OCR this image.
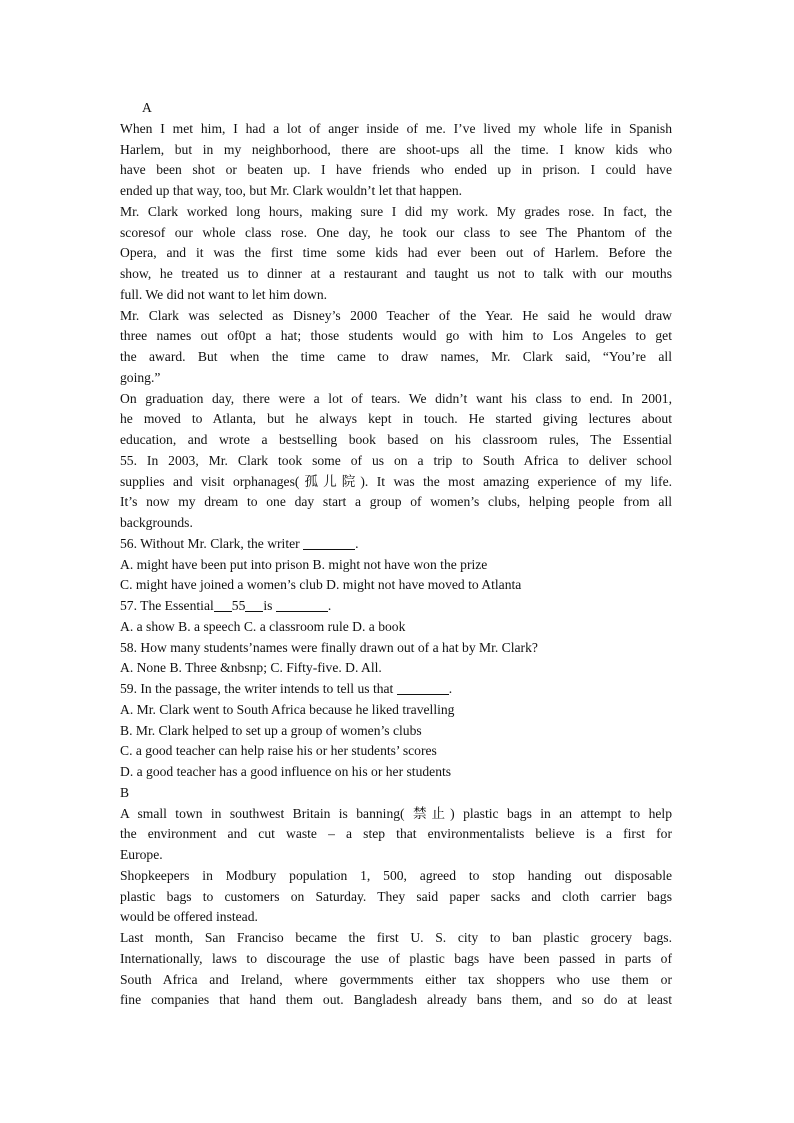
A
When I met him, I had a lot of anger inside of me. I’ve lived my whole life in Spanish
Harlem, but in my neighborhood, there are shoot-ups all the time. I know kids who
have been shot or beaten up. I have friends who ended up in prison. I could have
ended up that way, too, but Mr. Clark wouldn’t let that happen.
Mr. Clark worked long hours, making sure I did my work. My grades rose. In fact, the
scoresof our whole class rose. One day, he took our class to see The Phantom of the
Opera, and it was the first time some kids had ever been out of Harlem. Before the
show, he treated us to dinner at a restaurant and taught us not to talk with our mouths
full. We did not want to let him down.
Mr. Clark was selected as Disney’s 2000 Teacher of the Year. He said he would draw
three names out of0pt a hat; those students would go with him to Los Angeles to get
the award. But when the time came to draw names, Mr. Clark said, “You’re all
going.”
On graduation day, there were a lot of tears. We didn’t want his class to end. In 2001,
he moved to Atlanta, but he always kept in touch. He started giving lectures about
education, and wrote a bestselling book based on his classroom rules, The Essential
55. In 2003, Mr. Clark took some of us on a trip to South Africa to deliver school
supplies and visit orphanages(孤儿院). It was the most amazing experience of my life.
It’s now my dream to one day start a group of women’s clubs, helping people from all
backgrounds.
56. Without Mr. Clark, the writer	.
A. might have been put into prison B. might not have won the prize
C. might have joined a women’s club D. might not have moved to Atlanta
57. The Essential 55 is	.
A. a show B. a speech C. a classroom rule D. a book
58. How many students’names were finally drawn out of a hat by Mr. Clark?
A. None B. Three &nbsnp; C. Fifty-five. D. All.
59. In the passage, the writer intends to tell us that	.
A. Mr. Clark went to South Africa because he liked travelling
B. Mr. Clark helped to set up a group of women’s clubs
C. a good teacher can help raise his or her students’ scores
D. a good teacher has a good influence on his or her students
B
A small town in southwest Britain is banning( 禁止) plastic bags in an attempt to help
the environment and cut waste – a step that environmentalists believe is a first for
Europe.
Shopkeepers in Modbury population 1, 500, agreed to stop handing out disposable
plastic bags to customers on Saturday. They said paper sacks and cloth carrier bags
would be offered instead.
Last month, San Franciso became the first U. S. city to ban plastic grocery bags.
Internationally, laws to discourage the use of plastic bags have been passed in parts of
South Africa and Ireland, where govermments either tax shoppers who use them or
fine companies that hand them out. Bangladesh already bans them, and so do at least
